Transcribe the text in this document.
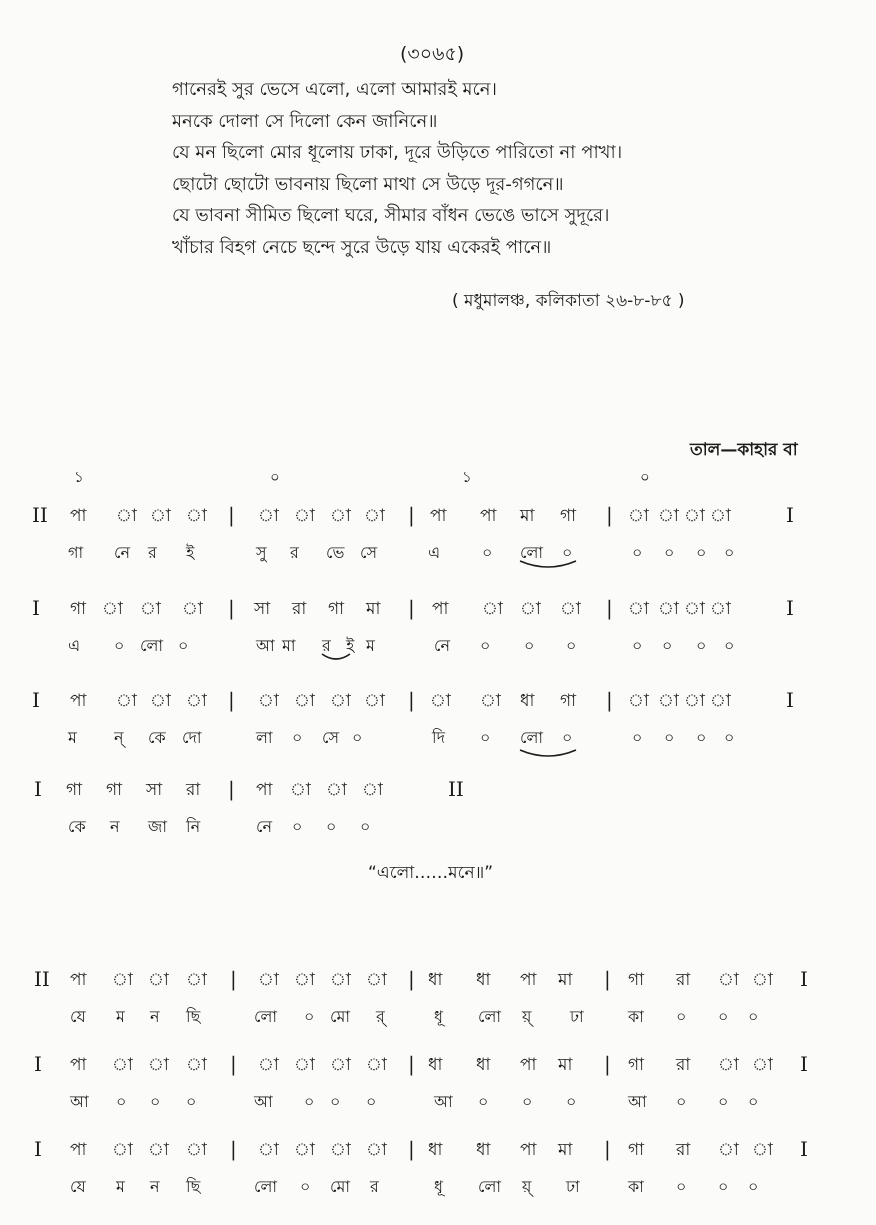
(৩০৬৫)
গানেরই সুর ভেসে এলো, এলো আমারই মনে।
মনকে দোলা সে দিলো কেন জানিনে॥
যে মন ছিলো মোর ধূলোয় ঢাকা, দূরে উড়িতে পারিতো না পাখা।
ছোটো ছোটো ভাবনায় ছিলো মাথা সে উড়ে দূর-গগনে॥
যে ভাবনা সীমিত ছিলো ঘরে, সীমার বাঁধন ভেঙে ভাসে সুদূরে।
খাঁচার বিহগ নেচে ছন্দে সুরে উড়ে যায় একেরই পানে॥
( মধুমালঞ্চ, কলিকাতা ২৬-৮-৮৫ )
তাল—কাহার বা
১	০	১	০
II পা া া া | া া া া | পা পা মা গা | া া া া	I
গা নে র ই	সু র ভে সে	এ	০ লো ০	০ ০ ০ ০
I গা া া া | সা রা গা মা | পা া া া | া া া া	I
এ ০ লো ০	আ মা র ই ম	নে ০ ০ ০	০ ০ ০ ০
I পা া া া | া া া া | া া ধা গা | া া া া	I
ম ন্ কে দো	লা ০ সে ০	দি ০ লো ০	০ ০ ০ ০
I গা গা সা রা | পা া া া	II
কে ন জা নি	নে ০ ০ ০
II পা া া া | া া া া | ধা ধা পা মা | গা রা া া I
যে ম ন ছি	লো ০ মো র্	ধূ লো য়্ ঢা	কা ০ ০ ০
I পা া া া | া া া া | ধা ধা পা মা | গা রা া া I
আ ০ ০ ০	আ ০ ০ ০	আ ০ ০ ০	আ ০ ০ ০
I পা া া া | া া া া | ধা ধা পা মা | গা রা া া I
যে ম ন ছি	লো ০ মো র	ধূ লো য়্ ঢা	কা ০ ০ ০
“এলো……মনে॥”
